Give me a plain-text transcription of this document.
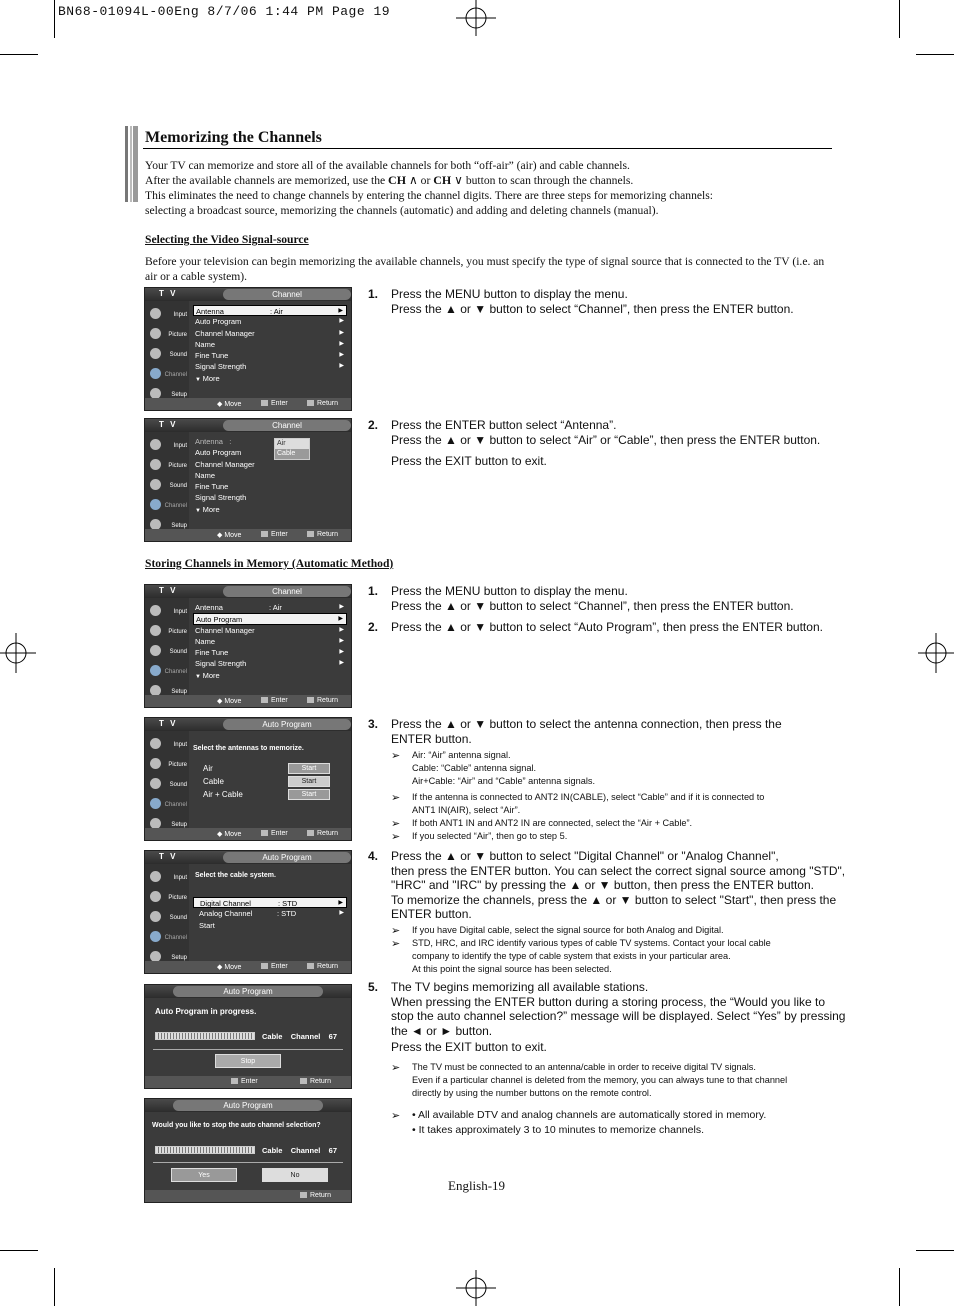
BN68-01094L-00Eng 8/7/06 1:44 PM Page 19
Memorizing the Channels
Your TV can memorize and store all of the available channels for both “off-air” (air) and cable channels.
After the available channels are memorized, use the CH ∧ or CH ∨ button to scan through the channels.
This eliminates the need to change channels by entering the channel digits. There are three steps for memorizing channels:
selecting a broadcast source, memorizing the channels (automatic) and adding and deleting channels (manual).
Selecting the Video Signal-source
Before your television can begin memorizing the available channels, you must specify the type of signal source that is connected to the TV (i.e. an air or a cable system).
T V	Channel
Input
Picture
Sound
Channel
Setup
Antenna	: Air	▶
Auto Program	▶
Channel Manager	▶
Name	▶
Fine Tune	▶
Signal Strength	▶
▼ More
◆ Move	Enter	Return
T V	Channel
Input
Picture
Sound
Channel
Setup
Antenna :
Auto Program
Channel Manager
Name
Fine Tune
Signal Strength
▼ More
Air
Cable
◆ Move	Enter	Return
1. Press the MENU button to display the menu.
Press the ▲ or ▼ button to select “Channel”, then press the ENTER button.
2. Press the ENTER button select “Antenna”.
Press the ▲ or ▼ button to select “Air” or “Cable”, then press the ENTER button.
Press the EXIT button to exit.
Storing Channels in Memory (Automatic Method)
T V	Channel
Input
Picture
Sound
Channel
Setup
Antenna	: Air	▶
Auto Program	▶
Channel Manager	▶
Name	▶
Fine Tune	▶
Signal Strength	▶
▼ More
◆ Move	Enter	Return
T V	Auto Program
Input
Picture
Sound
Channel
Setup
Select the antennas to memorize.
Air
Cable
Air + Cable
Start
Start
Start
◆ Move	Enter	Return
T V	Auto Program
Input
Picture
Sound
Channel
Setup
Select the cable system.
Digital Channel	: STD	▶
Analog Channel	: STD	▶
Start
◆ Move	Enter	Return
Auto Program
Auto Program in progress.
Cable    Channel    67
Stop
Enter	Return
Auto Program
Would you like to stop the auto channel selection?
Cable    Channel    67
Yes	No
Return
1. Press the MENU button to display the menu.
Press the ▲ or ▼ button to select “Channel”, then press the ENTER button.
2. Press the ▲ or ▼ button to select “Auto Program”, then press the ENTER button.
3. Press the ▲ or ▼ button to select the antenna connection, then press the
ENTER button.
➢ Air: “Air” antenna signal.
Cable: “Cable” antenna signal.
Air+Cable: “Air” and “Cable” antenna signals.
➢ If the antenna is connected to ANT2 IN(CABLE), select “Cable” and if it is connected to
ANT1 IN(AIR), select “Air”.
➢ If both ANT1 IN and ANT2 IN are connected, select the “Air + Cable”.
➢ If you selected “Air”, then go to step 5.
4. Press the ▲ or ▼ button to select "Digital Channel" or "Analog Channel",
then press the ENTER button. You can select the correct signal source among "STD",
"HRC" and "IRC" by pressing the ▲ or ▼ button, then press the ENTER button.
To memorize the channels, press the ▲ or ▼ button to select "Start", then press the
ENTER button.
➢ If you have Digital cable, select the signal source for both Analog and Digital.
➢ STD, HRC, and IRC identify various types of cable TV systems. Contact your local cable
company to identify the type of cable system that exists in your particular area.
At this point the signal source has been selected.
5. The TV begins memorizing all available stations.
When pressing the ENTER button during a storing process, the “Would you like to
stop the auto channel selection?” message will be displayed. Select “Yes” by pressing
the ◄ or ► button.
Press the EXIT button to exit.
➢ The TV must be connected to an antenna/cable in order to receive digital TV signals.
Even if a particular channel is deleted from the memory, you can always tune to that channel
directly by using the number buttons on the remote control.
➢ • All available DTV and analog channels are automatically stored in memory.
• It takes approximately 3 to 10 minutes to memorize channels.
English-19
